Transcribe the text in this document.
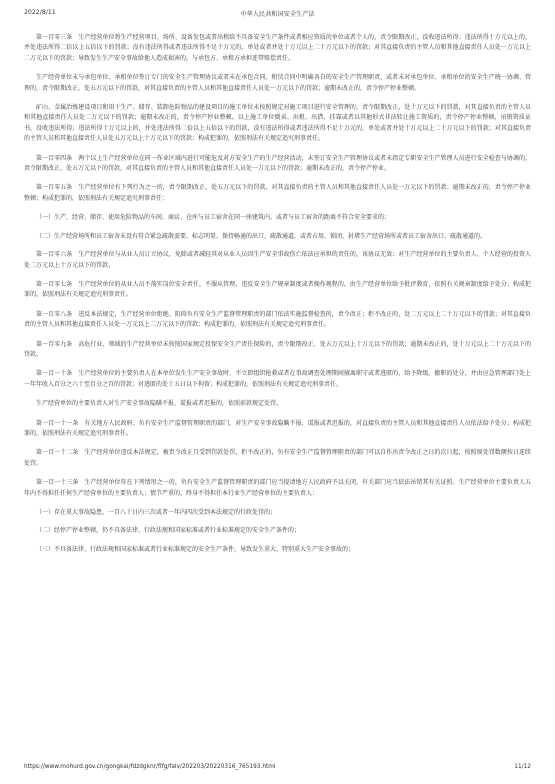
2022/8/11	中华人民共和国安全生产法

第一百零三条　生产经营单位将生产经营项目、场所、设备发包或者出租给不具备安全生产条件或者相应资质的单位或者个人的，责令限期改正，没收违法所得；违法所得十万元以上的，并处违法所得二倍以上五倍以下的罚款；没有违法所得或者违法所得不足十万元的，单处或者并处十万元以上二十万元以下的罚款；对其直接负责的主管人员和其他直接责任人员处一万元以上二万元以下的罚款；导致发生生产安全事故给他人造成损害的，与承包方、承租方承担连带赔偿责任。

生产经营单位未与承包单位、承租单位签订专门的安全生产管理协议或者未在承包合同、租赁合同中明确各自的安全生产管理职责，或者未对承包单位、承租单位的安全生产统一协调、管理的，责令限期改正，处五万元以下的罚款，对其直接负责的主管人员和其他直接责任人员处一万元以下的罚款；逾期未改正的，责令停产停业整顿。

矿山、金属冶炼建设项目和用于生产、储存、装卸危险物品的建设项目的施工单位未按照规定对施工项目进行安全管理的，责令限期改正，处十万元以下的罚款，对其直接负责的主管人员和其他直接责任人员处二万元以下的罚款；逾期未改正的，责令停产停业整顿。以上施工单位倒卖、出租、出借、挂靠或者以其他形式非法转让施工资质的，责令停产停业整顿，吊销资质证书，没收违法所得；违法所得十万元以上的，并处违法所得二倍以上五倍以下的罚款，没有违法所得或者违法所得不足十万元的，单处或者并处十万元以上二十万元以下的罚款；对其直接负责的主管人员和其他直接责任人员处五万元以上十万元以下的罚款；构成犯罪的，依照刑法有关规定追究刑事责任。

第一百零四条　两个以上生产经营单位在同一作业区域内进行可能危及对方安全生产的生产经营活动，未签订安全生产管理协议或者未指定专职安全生产管理人员进行安全检查与协调的，责令限期改正，处五万元以下的罚款，对其直接负责的主管人员和其他直接责任人员处一万元以下的罚款；逾期未改正的，责令停产停业。

第一百零五条　生产经营单位有下列行为之一的，责令限期改正，处五万元以下的罚款，对其直接负责的主管人员和其他直接责任人员处一万元以下的罚款；逾期未改正的，责令停产停业整顿；构成犯罪的，依照刑法有关规定追究刑事责任：

（一）生产、经营、储存、使用危险物品的车间、商店、仓库与员工宿舍在同一座建筑内，或者与员工宿舍的距离不符合安全要求的；

（二）生产经营场所和员工宿舍未设有符合紧急疏散需要、标志明显、保持畅通的出口、疏散通道，或者占用、锁闭、封堵生产经营场所或者员工宿舍出口、疏散通道的。

第一百零六条　生产经营单位与从业人员订立协议，免除或者减轻其对从业人员因生产安全事故伤亡依法应承担的责任的，该协议无效；对生产经营单位的主要负责人、个人经营的投资人处二万元以上十万元以下的罚款。

第一百零七条　生产经营单位的从业人员不落实岗位安全责任，不服从管理，违反安全生产规章制度或者操作规程的，由生产经营单位给予批评教育，依照有关规章制度给予处分；构成犯罪的，依照刑法有关规定追究刑事责任。

第一百零八条　违反本法规定，生产经营单位拒绝、阻碍负有安全生产监督管理职责的部门依法实施监督检查的，责令改正；拒不改正的，处二万元以上二十万元以下的罚款；对其直接负责的主管人员和其他直接责任人员处一万元以上二万元以下的罚款；构成犯罪的，依照刑法有关规定追究刑事责任。

第一百零九条　高危行业、领域的生产经营单位未按照国家规定投保安全生产责任保险的，责令限期改正，处五万元以上十万元以下的罚款；逾期未改正的，处十万元以上二十万元以下的罚款。

第一百一十条　生产经营单位的主要负责人在本单位发生生产安全事故时，不立即组织抢救或者在事故调查处理期间擅离职守或者逃匿的，给予降级、撤职的处分，并由应急管理部门处上一年年收入百分之六十至百分之百的罚款；对逃匿的处十五日以下拘留；构成犯罪的，依照刑法有关规定追究刑事责任。

生产经营单位的主要负责人对生产安全事故隐瞒不报、谎报或者迟报的，依照前款规定处罚。

第一百一十一条　有关地方人民政府、负有安全生产监督管理职责的部门，对生产安全事故隐瞒不报、谎报或者迟报的，对直接负责的主管人员和其他直接责任人员依法给予处分；构成犯罪的，依照刑法有关规定追究刑事责任。

第一百一十二条　生产经营单位违反本法规定，被责令改正且受到罚款处罚，拒不改正的，负有安全生产监督管理职责的部门可以自作出责令改正之日的次日起，按照原处罚数额按日连续处罚。

第一百一十三条　生产经营单位存在下列情形之一的，负有安全生产监督管理职责的部门应当提请地方人民政府予以关闭，有关部门应当依法吊销其有关证照。生产经营单位主要负责人五年内不得担任任何生产经营单位的主要负责人；情节严重的，终身不得担任本行业生产经营单位的主要负责人：

（一）存在重大事故隐患，一百八十日内三次或者一年内四次受到本法规定的行政处罚的；

（二）经停产停业整顿，仍不具备法律、行政法规和国家标准或者行业标准规定的安全生产条件的；

（三）不具备法律、行政法规和国家标准或者行业标准规定的安全生产条件，导致发生重大、特别重大生产安全事故的；

https://www.mohurd.gov.cn/gongkai/fdzdgknr/flfg/falv/202203/20220316_765193.html	11/12
